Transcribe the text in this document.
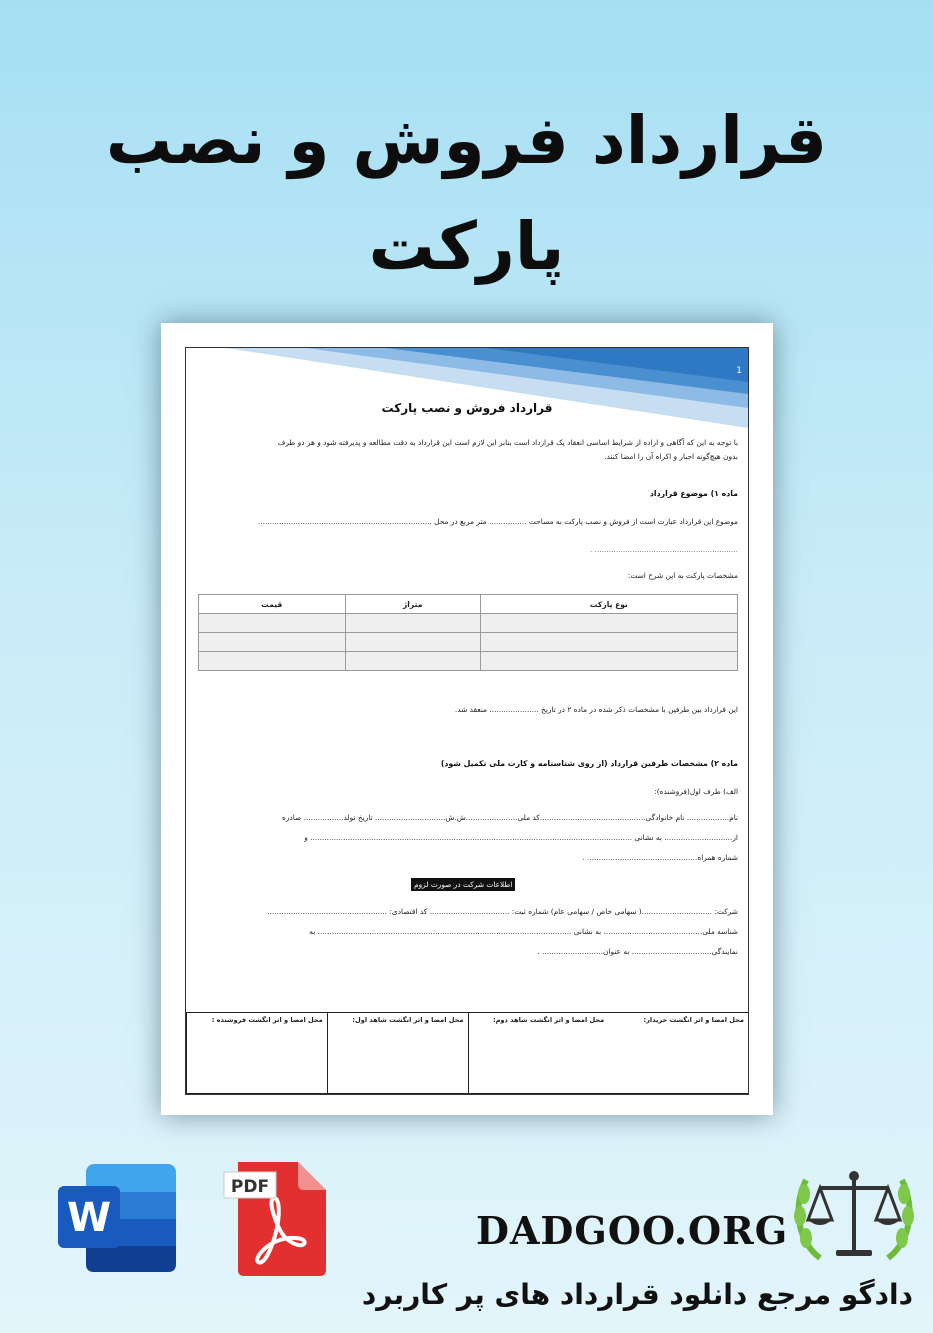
قرارداد فروش و نصب
پارکت
1
قرارداد فروش و نصب پارکت
با توجه به این که آگاهی و اراده از شرایط اساسی انعقاد یک قرارداد است بنابر این لازم است این قرارداد به دقت مطالعه و پذیرفته شود و هر دو طرف
بدون هیچ‌گونه اجبار و اکراه آن را امضا کنند.
ماده ۱) موضوع قرارداد
موضوع این قرارداد عبارت است از فروش و نصب پارکت به مساحت ................ متر مربع در محل ..........................................................................
............................................................. .
مشخصات پارکت به این شرح است:
نوع پارکت	متراژ	قیمت

این قرارداد بین طرفین با مشخصات ذکر شده در ماده ۲ در تاریخ ..................... منعقد شد.
ماده ۲) مشخصات طرفین قرارداد (از روی شناسنامه و کارت ملی تکمیل شود)
الف) طرف اول(فروشنده):
نام.................. نام خانوادگی.............................................کد ملی......................ش.ش.............................. تاریخ تولد................. صادره
از............................. به نشانی ......................................................................................................................................... و
شماره همراه............................................... .
اطلاعات شرکت در صورت لزوم
شرکت: ..............................( سهامی خاص / سهامی عام) شماره ثبت: .................................. کد اقتصادی: ...................................................
شناسه ملی.......................................... به نشانی ............................................................................................................ به
نمایندگی.................................. به عنوان.......................... .
محل امضا و اثر انگشت فروشنده :	محل امضا و اثر انگشت شاهد اول:	محل امضا و اثر انگشت شاهد دوم:	محل امضا و اثر انگشت خریدار:
W
PDF
DADGOO.ORG
دادگو مرجع دانلود قرارداد های پر کاربرد
